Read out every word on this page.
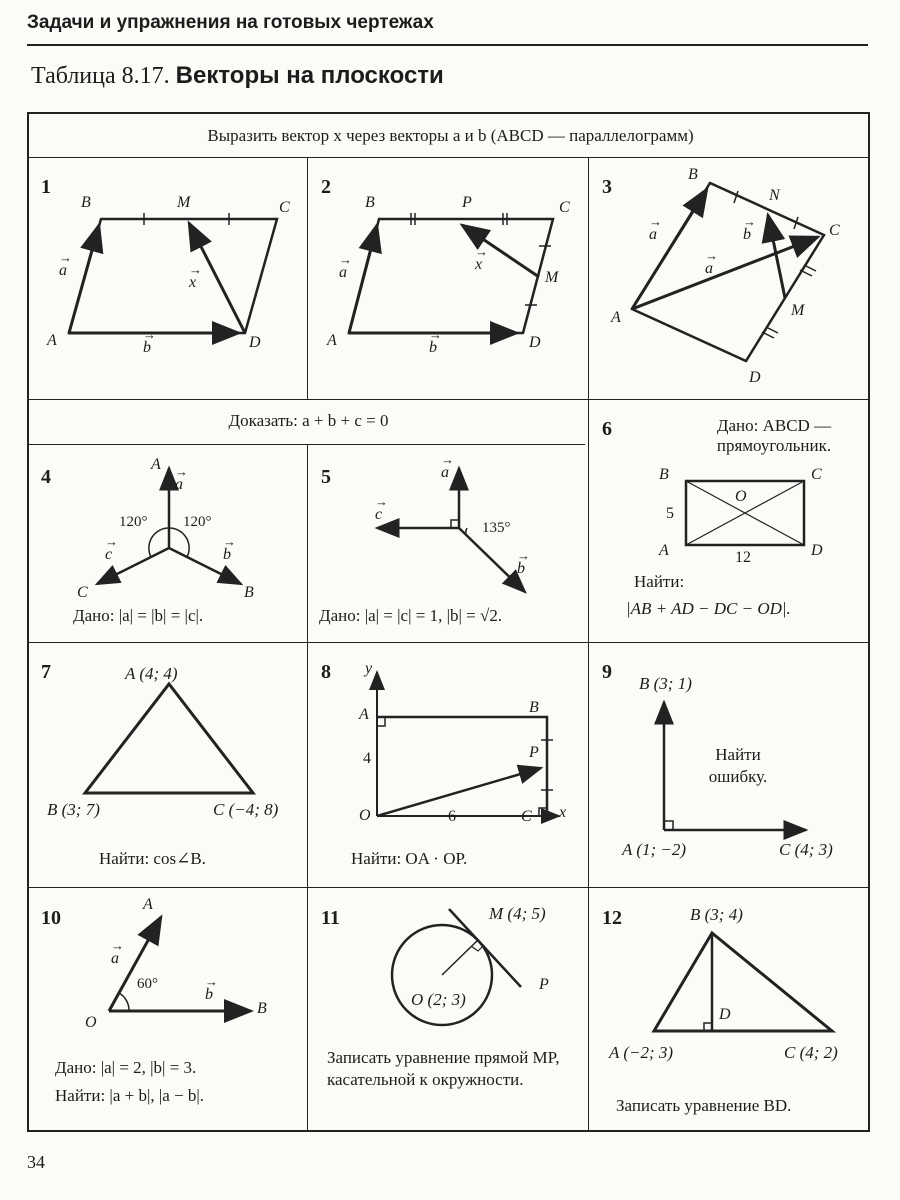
Задачи и упражнения на готовых чертежах
Таблица 8.17. Векторы на плоскости
Выразить вектор x через векторы a и b (ABCD — параллелограмм)
Доказать: a + b + c = 0
1
A
B	M	C
D
→ a
→ b
→ x
2
A
B	P	C
M
D
→ a
→ b
→ x
3
A
B
N
C
M
D
→ a
→ a
→ b
4
A
B
C
→ a
→ b
→ c
120° 120°
Дано: |a| = |b| = |c|.
5
→	a
→ b
→ c
135°
Дано: |a| = |c| = 1, |b| = √2.
6	Дано: ABCD — прямоугольник.
B	C
A	D
O
5
12
Найти:
|AB + AD − DC − OD|.
7	A (4; 4)
B (3; 7)	C (−4; 8)
Найти: cos∠B.
8 y
x
A	B
P
O	C
4
6
Найти: OA · OP.
9
B (3; 1)
A (1; −2)	C (4; 3)
Найти ошибку.
10
A
O
B
→ a
→ b
60°
Дано: |a| = 2, |b| = 3.
Найти: |a + b|, |a − b|.
11	M (4; 5)
O (2; 3)
P
Записать уравнение прямой MP, касательной к окружности.
12	B (3; 4)
A (−2; 3)	C (4; 2)
D
Записать уравнение BD.
34
